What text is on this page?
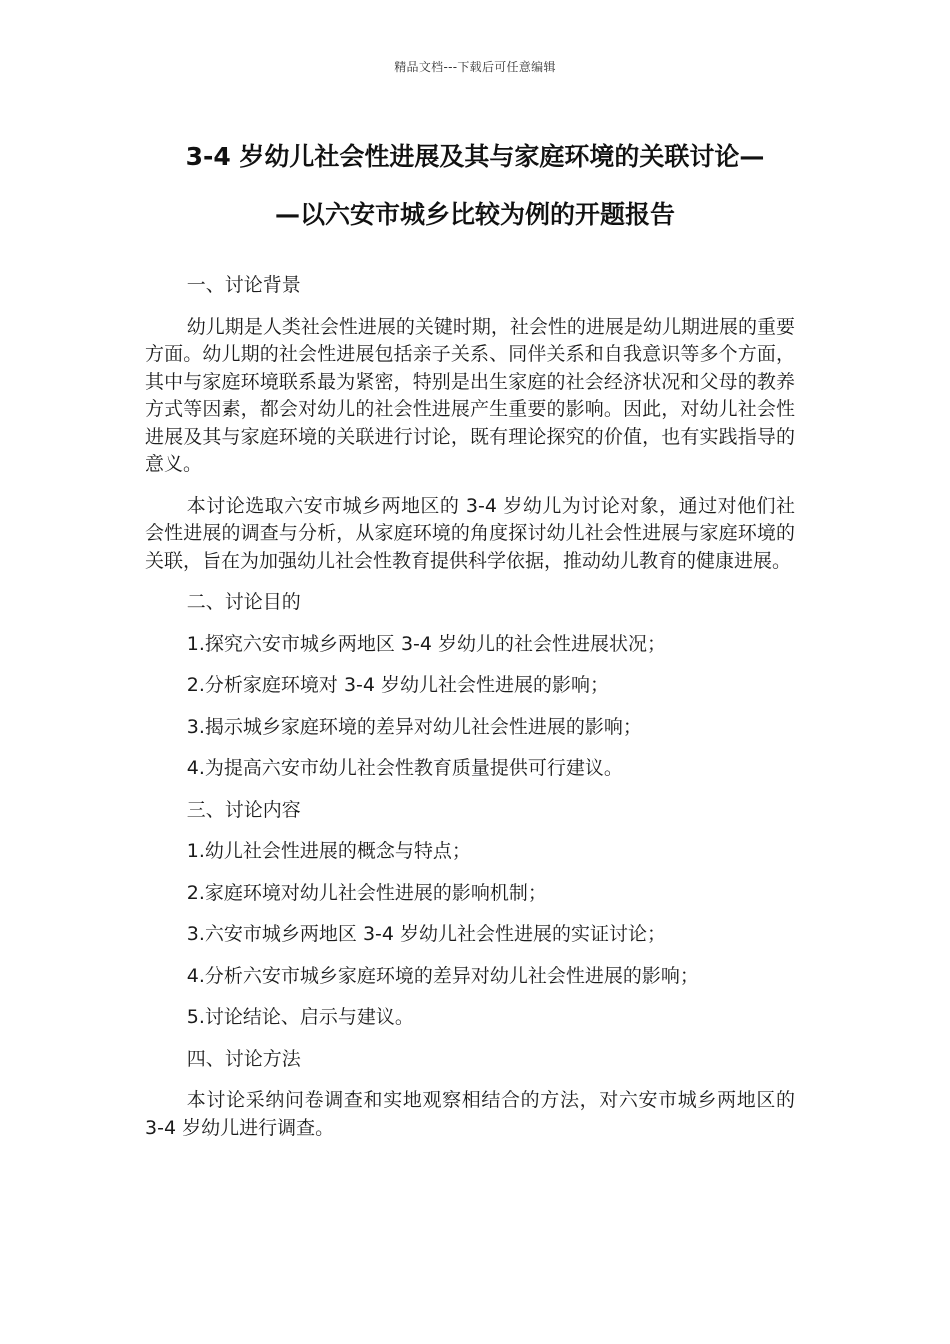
精品文档---下载后可任意编辑
3-4 岁幼儿社会性进展及其与家庭环境的关联讨论—
—以六安市城乡比较为例的开题报告

一、讨论背景

幼儿期是人类社会性进展的关键时期，社会性的进展是幼儿期进展的重要方面。幼儿期的社会性进展包括亲子关系、同伴关系和自我意识等多个方面，其中与家庭环境联系最为紧密，特别是出生家庭的社会经济状况和父母的教养方式等因素，都会对幼儿的社会性进展产生重要的影响。因此，对幼儿社会性进展及其与家庭环境的关联进行讨论，既有理论探究的价值，也有实践指导的意义。

本讨论选取六安市城乡两地区的 3-4 岁幼儿为讨论对象，通过对他们社会性进展的调查与分析，从家庭环境的角度探讨幼儿社会性进展与家庭环境的关联，旨在为加强幼儿社会性教育提供科学依据，推动幼儿教育的健康进展。

二、讨论目的

1.探究六安市城乡两地区 3-4 岁幼儿的社会性进展状况；

2.分析家庭环境对 3-4 岁幼儿社会性进展的影响；

3.揭示城乡家庭环境的差异对幼儿社会性进展的影响；

4.为提高六安市幼儿社会性教育质量提供可行建议。

三、讨论内容

1.幼儿社会性进展的概念与特点；

2.家庭环境对幼儿社会性进展的影响机制；

3.六安市城乡两地区 3-4 岁幼儿社会性进展的实证讨论；

4.分析六安市城乡家庭环境的差异对幼儿社会性进展的影响；

5.讨论结论、启示与建议。

四、讨论方法

本讨论采纳问卷调查和实地观察相结合的方法，对六安市城乡两地区的 3-4 岁幼儿进行调查。
